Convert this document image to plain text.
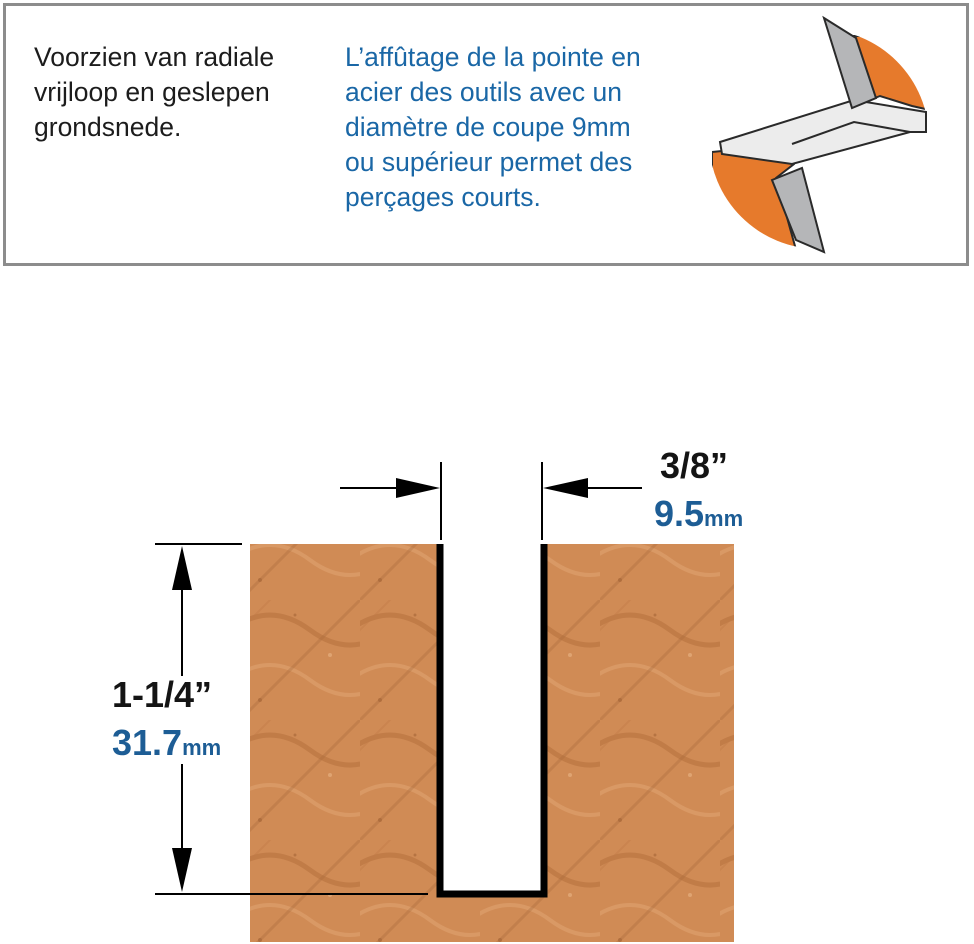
Voorzien van radiale
vrijloop en geslepen
grondsnede.
L’affûtage de la pointe en
acier des outils avec un
diamètre de coupe 9mm
ou supérieur permet des
perçages courts.
3/8”
9.5mm
1-1/4”
31.7mm
